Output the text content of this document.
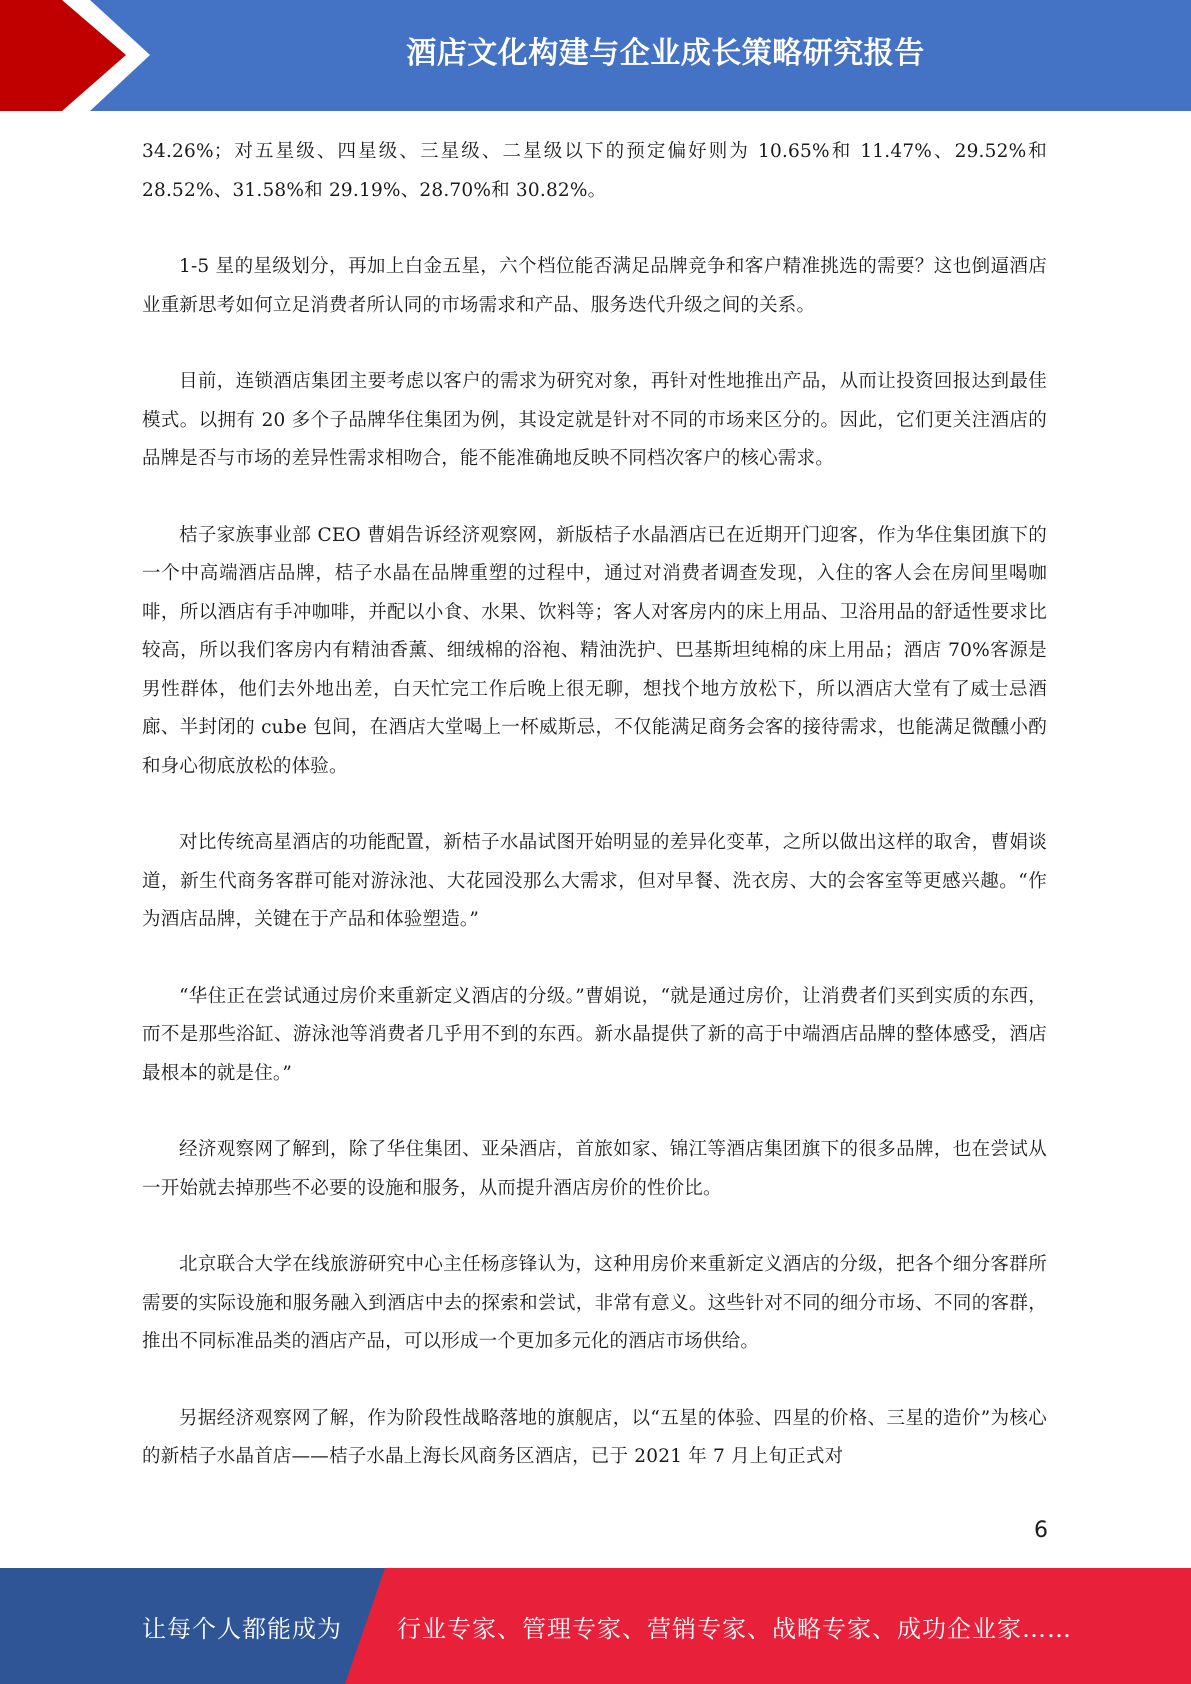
酒店文化构建与企业成长策略研究报告

34.26%；对五星级、四星级、三星级、二星级以下的预定偏好则为 10.65%和 11.47%、29.52%和 28.52%、31.58%和 29.19%、28.70%和 30.82%。

1-5 星的星级划分，再加上白金五星，六个档位能否满足品牌竞争和客户精准挑选的需要？这也倒逼酒店业重新思考如何立足消费者所认同的市场需求和产品、服务迭代升级之间的关系。

目前，连锁酒店集团主要考虑以客户的需求为研究对象，再针对性地推出产品，从而让投资回报达到最佳模式。以拥有 20 多个子品牌华住集团为例，其设定就是针对不同的市场来区分的。因此，它们更关注酒店的品牌是否与市场的差异性需求相吻合，能不能准确地反映不同档次客户的核心需求。

桔子家族事业部 CEO 曹娟告诉经济观察网，新版桔子水晶酒店已在近期开门迎客，作为华住集团旗下的一个中高端酒店品牌，桔子水晶在品牌重塑的过程中，通过对消费者调查发现，入住的客人会在房间里喝咖啡，所以酒店有手冲咖啡，并配以小食、水果、饮料等；客人对客房内的床上用品、卫浴用品的舒适性要求比较高，所以我们客房内有精油香薰、细绒棉的浴袍、精油洗护、巴基斯坦纯棉的床上用品；酒店 70%客源是男性群体，他们去外地出差，白天忙完工作后晚上很无聊，想找个地方放松下，所以酒店大堂有了威士忌酒廊、半封闭的 cube 包间，在酒店大堂喝上一杯威斯忌，不仅能满足商务会客的接待需求，也能满足微醺小酌和身心彻底放松的体验。

对比传统高星酒店的功能配置，新桔子水晶试图开始明显的差异化变革，之所以做出这样的取舍，曹娟谈道，新生代商务客群可能对游泳池、大花园没那么大需求，但对早餐、洗衣房、大的会客室等更感兴趣。“作为酒店品牌，关键在于产品和体验塑造。”

“华住正在尝试通过房价来重新定义酒店的分级。”曹娟说，“就是通过房价，让消费者们买到实质的东西，而不是那些浴缸、游泳池等消费者几乎用不到的东西。新水晶提供了新的高于中端酒店品牌的整体感受，酒店最根本的就是住。”

经济观察网了解到，除了华住集团、亚朵酒店，首旅如家、锦江等酒店集团旗下的很多品牌，也在尝试从一开始就去掉那些不必要的设施和服务，从而提升酒店房价的性价比。

北京联合大学在线旅游研究中心主任杨彦锋认为，这种用房价来重新定义酒店的分级，把各个细分客群所需要的实际设施和服务融入到酒店中去的探索和尝试，非常有意义。这些针对不同的细分市场、不同的客群，推出不同标准品类的酒店产品，可以形成一个更加多元化的酒店市场供给。

另据经济观察网了解，作为阶段性战略落地的旗舰店，以“五星的体验、四星的价格、三星的造价”为核心的新桔子水晶首店——桔子水晶上海长风商务区酒店，已于 2021 年 7 月上旬正式对

6
让每个人都能成为 行业专家、管理专家、营销专家、战略专家、成功企业家……
